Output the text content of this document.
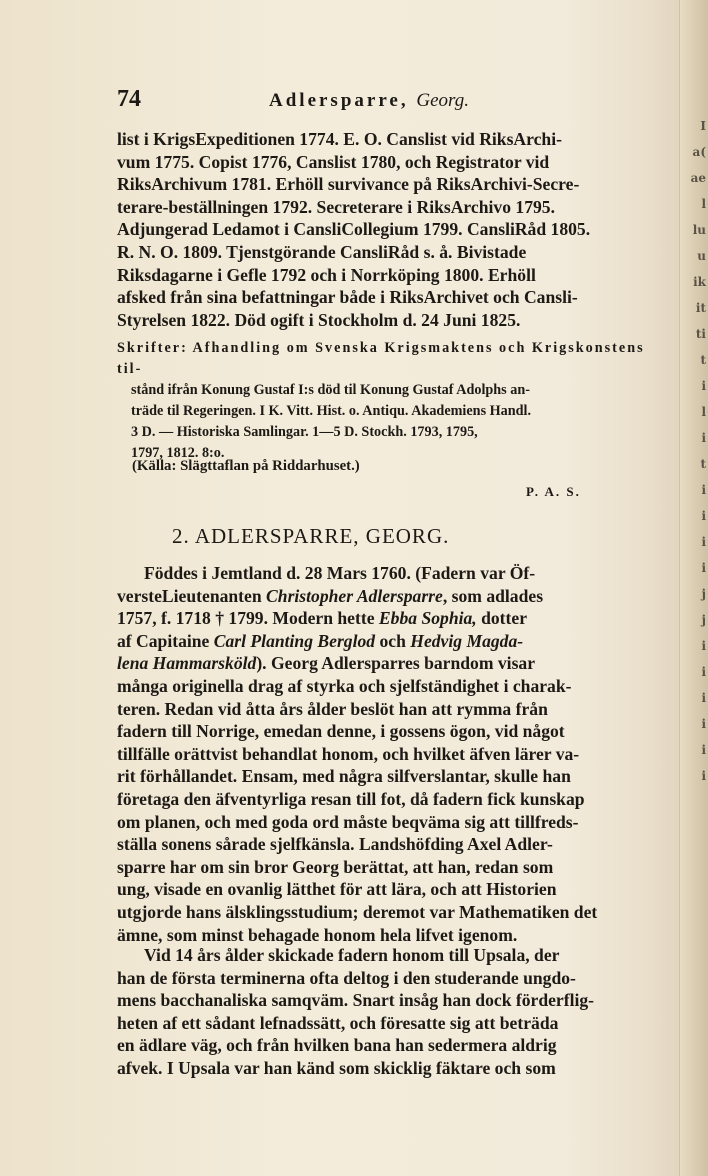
I
a(
ae
l
lu
u
ik
it
ti
t
i
l
i
t
i
i
i
i
j
j
i
i
i
i
i
i
74	Adlersparre, Georg.
list i KrigsExpeditionen 1774. E. O. Canslist vid RiksArchi-
vum 1775. Copist 1776, Canslist 1780, och Registrator vid
RiksArchivum 1781. Erhöll survivance på RiksArchivi-Secre-
terare-beställningen 1792. Secreterare i RiksArchivo 1795.
Adjungerad Ledamot i CansliCollegium 1799. CansliRåd 1805.
R. N. O. 1809. Tjenstgörande CansliRåd s. å. Bivistade
Riksdagarne i Gefle 1792 och i Norrköping 1800. Erhöll
afsked från sina befattningar både i RiksArchivet och Cansli-
Styrelsen 1822. Död ogift i Stockholm d. 24 Juni 1825.
Skrifter: Afhandling om Svenska Krigsmaktens och Krigskonstens til-
stånd ifrån Konung Gustaf I:s död til Konung Gustaf Adolphs an-
träde til Regeringen. I K. Vitt. Hist. o. Antiqu. Akademiens Handl.
3 D. — Historiska Samlingar. 1—5 D. Stockh. 1793, 1795,
1797, 1812. 8:o.
(Källa: Slägttaflan på Riddarhuset.)
P. A. S.
2. ADLERSPARRE, GEORG.
Föddes i Jemtland d. 28 Mars 1760. (Fadern var Öf-
versteLieutenanten Christopher Adlersparre, som adlades
1757, f. 1718 † 1799. Modern hette Ebba Sophia, dotter
af Capitaine Carl Planting Berglod och Hedvig Magda-
lena Hammarsköld). Georg Adlersparres barndom visar
många originella drag af styrka och sjelfständighet i charak-
teren. Redan vid åtta års ålder beslöt han att rymma från
fadern till Norrige, emedan denne, i gossens ögon, vid något
tillfälle orättvist behandlat honom, och hvilket äfven lärer va-
rit förhållandet. Ensam, med några silfverslantar, skulle han
företaga den äfventyrliga resan till fot, då fadern fick kunskap
om planen, och med goda ord måste beqväma sig att tillfreds-
ställa sonens sårade sjelfkänsla. Landshöfding Axel Adler-
sparre har om sin bror Georg berättat, att han, redan som
ung, visade en ovanlig lätthet för att lära, och att Historien
utgjorde hans älsklingsstudium; deremot var Mathematiken det
ämne, som minst behagade honom hela lifvet igenom.
Vid 14 års ålder skickade fadern honom till Upsala, der
han de första terminerna ofta deltog i den studerande ungdo-
mens bacchanaliska samqväm. Snart insåg han dock förderflig-
heten af ett sådant lefnadssätt, och föresatte sig att beträda
en ädlare väg, och från hvilken bana han sedermera aldrig
afvek. I Upsala var han känd som skicklig fäktare och som
